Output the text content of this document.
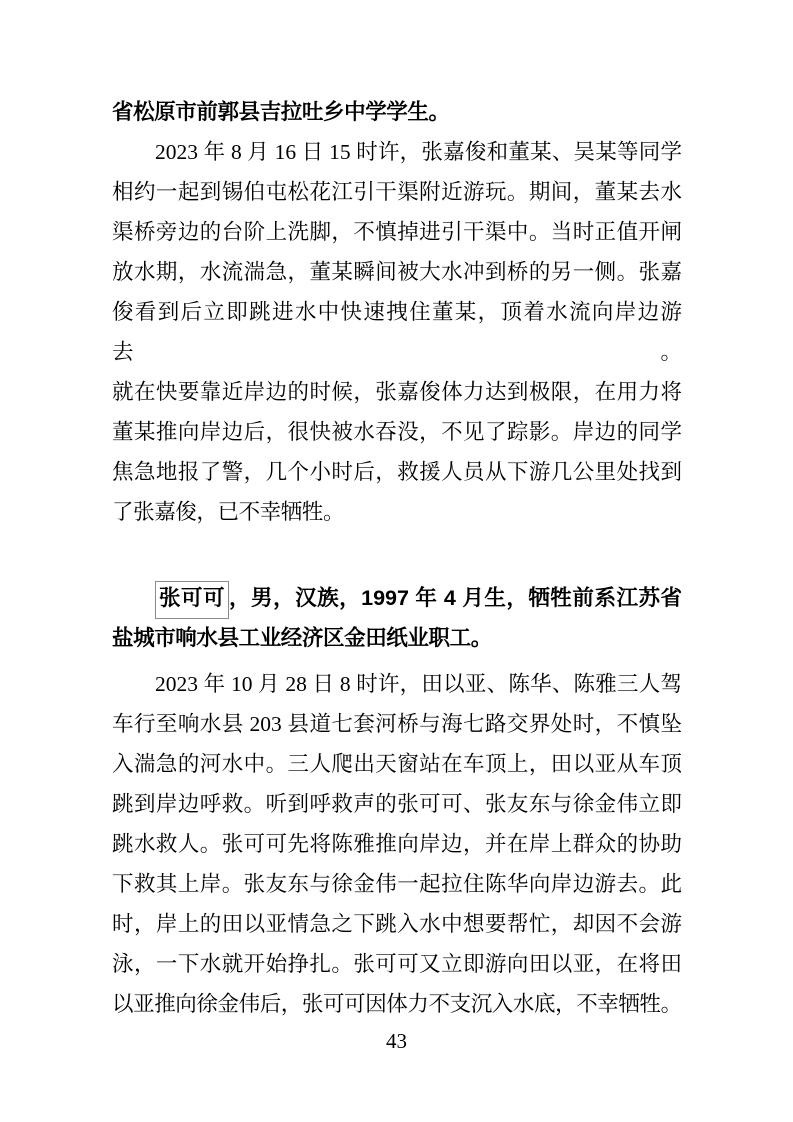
省松原市前郭县吉拉吐乡中学学生。
2023 年 8 月 16 日 15 时许，张嘉俊和董某、吴某等同学
相约一起到锡伯屯松花江引干渠附近游玩。期间，董某去水
渠桥旁边的台阶上洗脚，不慎掉进引干渠中。当时正值开闸
放水期，水流湍急，董某瞬间被大水冲到桥的另一侧。张嘉
俊看到后立即跳进水中快速拽住董某，顶着水流向岸边游去。
就在快要靠近岸边的时候，张嘉俊体力达到极限，在用力将
董某推向岸边后，很快被水吞没，不见了踪影。岸边的同学
焦急地报了警，几个小时后，救援人员从下游几公里处找到
了张嘉俊，已不幸牺牲。
张可可 ，男，汉族，1997 年 4 月生，牺牲前系江苏省
盐城市响水县工业经济区金田纸业职工。
2023 年 10 月 28 日 8 时许，田以亚、陈华、陈雅三人驾
车行至响水县 203 县道七套河桥与海七路交界处时，不慎坠
入湍急的河水中。三人爬出天窗站在车顶上，田以亚从车顶
跳到岸边呼救。听到呼救声的张可可、张友东与徐金伟立即
跳水救人。张可可先将陈雅推向岸边，并在岸上群众的协助
下救其上岸。张友东与徐金伟一起拉住陈华向岸边游去。此
时，岸上的田以亚情急之下跳入水中想要帮忙，却因不会游
泳，一下水就开始挣扎。张可可又立即游向田以亚，在将田
以亚推向徐金伟后，张可可因体力不支沉入水底，不幸牺牲。
43
